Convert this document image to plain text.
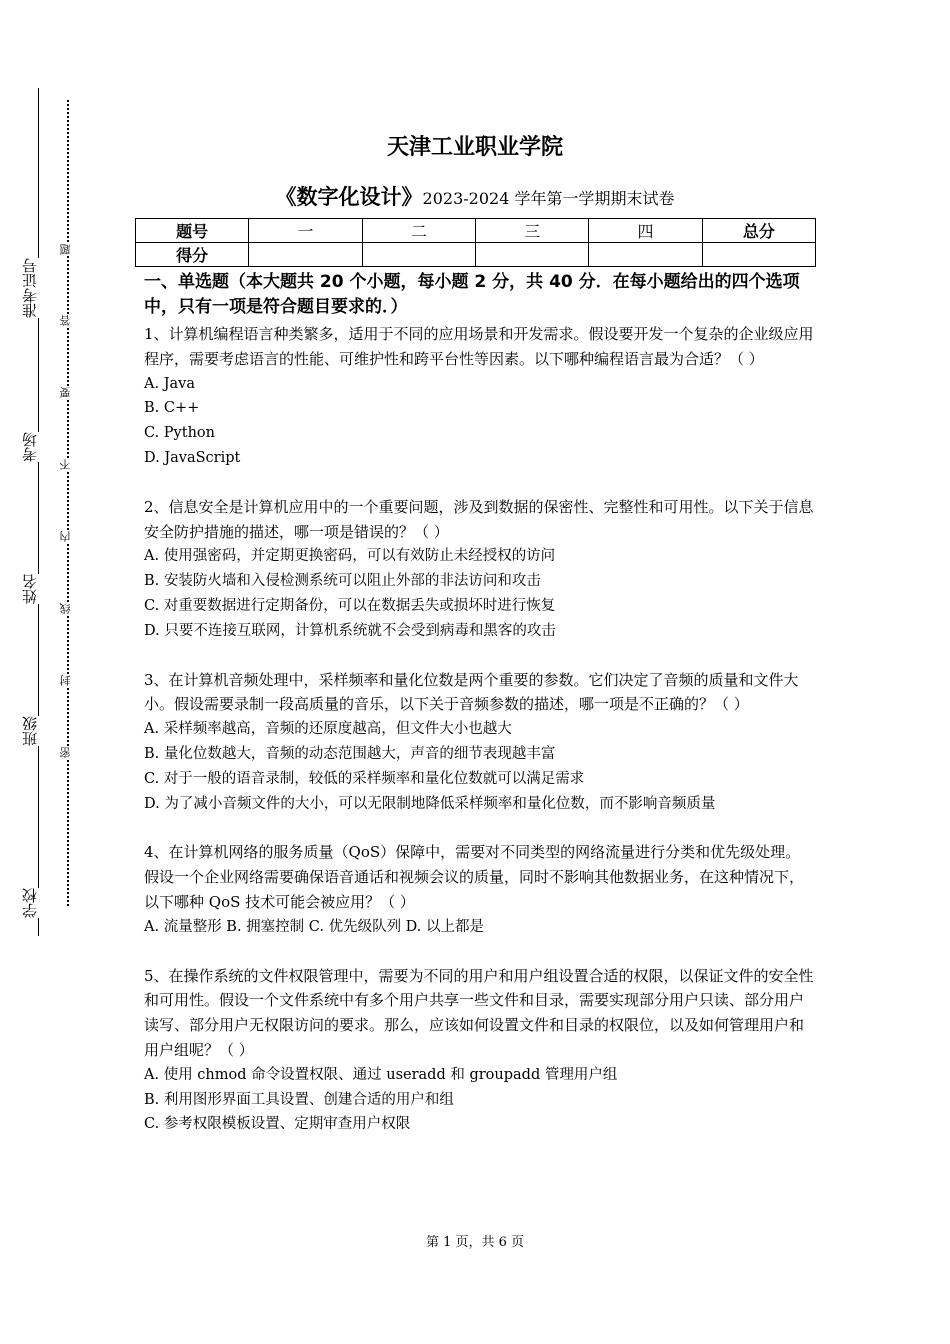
准考证号
考场
姓名
班级
学校
题
答
要
不
内
线
封
密
天津工业职业学院
《数字化设计》2023-2024 学年第一学期期末试卷
题号	一	二	三	四	总分
得分					

一、单选题（本大题共 20 个小题，每小题 2 分，共 40 分．在每小题给出的四个选项中，只有一项是符合题目要求的．）

1、计算机编程语言种类繁多，适用于不同的应用场景和开发需求。假设要开发一个复杂的企业级应用程序，需要考虑语言的性能、可维护性和跨平台性等因素。以下哪种编程语言最为合适？（ ）

A. Java

B. C++

C. Python

D. JavaScript

2、信息安全是计算机应用中的一个重要问题，涉及到数据的保密性、完整性和可用性。以下关于信息安全防护措施的描述，哪一项是错误的？（ ）

A. 使用强密码，并定期更换密码，可以有效防止未经授权的访问

B. 安装防火墙和入侵检测系统可以阻止外部的非法访问和攻击

C. 对重要数据进行定期备份，可以在数据丢失或损坏时进行恢复

D. 只要不连接互联网，计算机系统就不会受到病毒和黑客的攻击

3、在计算机音频处理中，采样频率和量化位数是两个重要的参数。它们决定了音频的质量和文件大小。假设需要录制一段高质量的音乐，以下关于音频参数的描述，哪一项是不正确的？（ ）

A. 采样频率越高，音频的还原度越高，但文件大小也越大

B. 量化位数越大，音频的动态范围越大，声音的细节表现越丰富

C. 对于一般的语音录制，较低的采样频率和量化位数就可以满足需求

D. 为了减小音频文件的大小，可以无限制地降低采样频率和量化位数，而不影响音频质量

4、在计算机网络的服务质量（QoS）保障中，需要对不同类型的网络流量进行分类和优先级处理。假设一个企业网络需要确保语音通话和视频会议的质量，同时不影响其他数据业务，在这种情况下，以下哪种 QoS 技术可能会被应用？（ ）

A. 流量整形 B. 拥塞控制 C. 优先级队列 D. 以上都是

5、在操作系统的文件权限管理中，需要为不同的用户和用户组设置合适的权限，以保证文件的安全性和可用性。假设一个文件系统中有多个用户共享一些文件和目录，需要实现部分用户只读、部分用户读写、部分用户无权限访问的要求。那么，应该如何设置文件和目录的权限位，以及如何管理用户和用户组呢？（ ）

A. 使用 chmod 命令设置权限、通过 useradd 和 groupadd 管理用户组

B. 利用图形界面工具设置、创建合适的用户和组

C. 参考权限模板设置、定期审查用户权限

第 1 页，共 6 页
